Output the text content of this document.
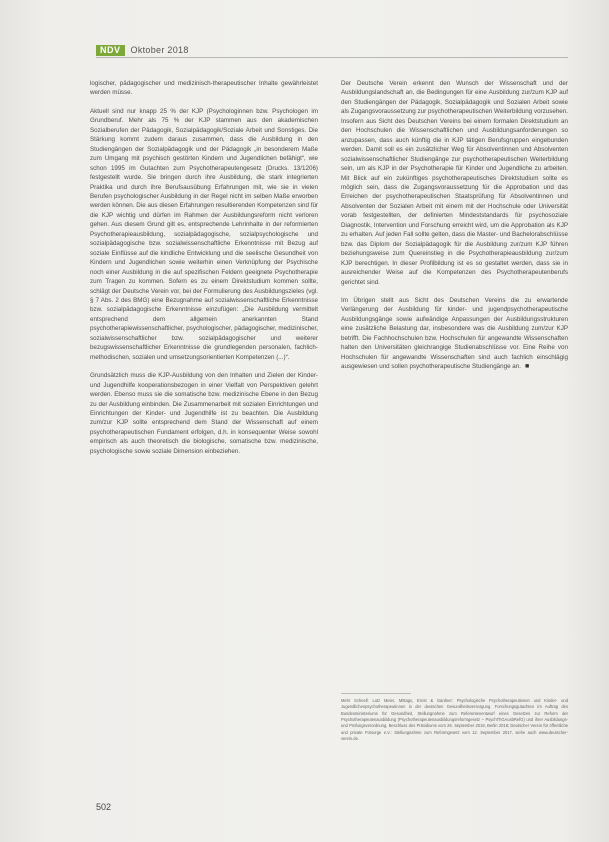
NDV	Oktober 2018

logischer, pädagogischer und medizinisch-therapeutischer Inhalte gewährleistet werden müsse.

Aktuell sind nur knapp 25 % der KJP (Psychologinnen bzw. Psychologen im Grundberuf. Mehr als 75 % der KJP stammen aus den akademischen Sozialberufen der Pädagogik, Sozialpädagogik/Soziale Arbeit und Sonstiges. Die Stärkung kommt zudem daraus zusammen, dass die Ausbildung in den Studiengängen der Sozialpädagogik und der Pädagogik „in besonderem Maße zum Umgang mit psychisch gestörten Kindern und Jugendlichen befähigt“, wie schon 1995 im Gutachten zum Psychotherapeutengesetz (Drucks. 13/1206) festgestellt wurde. Sie bringen durch ihre Ausbildung, die stark integrierten Praktika und durch ihre Berufsausübung Erfahrungen mit, wie sie in vielen Berufen psychologischer Ausbildung in der Regel nicht im selben Maße erworben werden können. Die aus diesen Erfahrungen resultierenden Kompetenzen sind für die KJP wichtig und dürfen im Rahmen der Ausbildungsreform nicht verloren gehen. Aus diesem Grund gilt es, entsprechende Lehrinhalte in der reformierten Psychotherapieausbildung, sozialpädagogische, sozialpsychologische und sozialpädagogische bzw. sozialwissenschaftliche Erkenntnisse mit Bezug auf soziale Einflüsse auf die kindliche Entwicklung und die seelische Gesundheit von Kindern und Jugendlichen sowie weiterhin einen Verknüpfung der Psychische noch einer Ausbildung in die auf spezifischen Feldern geeignete Psychotherapie zum Tragen zu kommen. Sofern es zu einem Direktstudium kommen sollte, schlägt der Deutsche Verein vor, bei der Formulierung des Ausbildungszieles (vgl. § 7 Abs. 2 des BMG) eine Bezugnahme auf sozialwissenschaftliche Erkenntnisse bzw. sozialpädagogische Erkenntnisse einzufügen: „Die Ausbildung vermittelt entsprechend dem allgemein anerkannten Stand psychotherapiewissenschaftlicher, psychologischer, pädagogischer, medizinischer, sozialwissenschaftlicher bzw. sozialpädagogischer und weiterer bezugswissenschaftlicher Erkenntnisse die grundlegenden personalen, fachlich-methodischen, sozialen und umsetzungsorientierten Kompetenzen (...)“.

Grundsätzlich muss die KJP-Ausbildung von den Inhalten und Zielen der Kinder- und Jugendhilfe kooperationsbezogen in einer Vielfalt von Perspektiven gelehrt werden. Ebenso muss sie die somatische bzw. medizinische Ebene in den Bezug zu der Ausbildung einbinden. Die Zusammenarbeit mit sozialen Einrichtungen und Einrichtungen der Kinder- und Jugendhilfe ist zu beachten. Die Ausbildung zum/zur KJP sollte entsprechend dem Stand der Wissenschaft auf einem psychotherapeutischen Fundament erfolgen, d.h. in konsequenter Weise sowohl empirisch als auch theoretisch die biologische, somatische bzw. medizinische, psychologische sowie soziale Dimension einbeziehen.

Der Deutsche Verein erkennt den Wunsch der Wissenschaft und der Ausbildungslandschaft an, die Bedingungen für eine Ausbildung zur/zum KJP auf den Studiengängen der Pädagogik, Sozialpädagogik und Sozialen Arbeit sowie als Zugangsvoraussetzung zur psychotherapeutischen Weiterbildung vorzusehen. Insofern aus Sicht des Deutschen Vereins bei einem formalen Direktstudium an den Hochschulen die Wissenschaftlichen und Ausbildungsanforderungen so anzupassen, dass auch künftig die in KJP tätigen Berufsgruppen eingebunden werden. Damit soll es ein zusätzlicher Weg für Absolventinnen und Absolventen sozialwissenschaftlicher Studiengänge zur psychotherapeutischen Weiterbildung sein, um als KJP in der Psychotherapie für Kinder und Jugendliche zu arbeiten. Mit Blick auf ein zukünftiges psychotherapeutisches Direktstudium sollte es möglich sein, dass die Zugangsvoraussetzung für die Approbation und das Erreichen der psychotherapeutischen Staatsprüfung für Absolventinnen und Absolventen der Sozialen Arbeit mit einem mit der Hochschule oder Universität vorab festgestellten, der definierten Mindeststandards für psychosoziale Diagnostik, Intervention und Forschung erreicht wird, um die Approbation als KJP zu erhalten. Auf jeden Fall sollte gelten, dass die Master- und Bachelorabschlüsse bzw. das Diplom der Sozialpädagogik für die Ausbildung zur/zum KJP führen beziehungsweise zum Quereinstieg in die Psychotherapieausbildung zur/zum KJP berechtigen. In dieser Profilbildung ist es so gestaltet werden, dass sie in ausreichender Weise auf die Kompetenzen des Psychotherapeutenberufs gerichtet sind.

Im Übrigen stellt aus Sicht des Deutschen Vereins die zu erwartende Verlängerung der Ausbildung für kinder- und jugendpsychotherapeutische Ausbildungsgänge sowie aufwändige Anpassungen der Ausbildungsstrukturen eine zusätzliche Belastung dar, insbesondere was die Ausbildung zum/zur KJP betrifft. Die Fachhochschulen bzw. Hochschulen für angewandte Wissenschaften halten den Universitäten gleichrangige Studienabschlüsse vor. Eine Reihe von Hochschulen für angewandte Wissenschaften sind auch fachlich einschlägig ausgewiesen und sollen psychotherapeutische Studiengänge an. ■

Mehr Schnell: Lutz Meier, Mittags, Ernst & Gardner: Psychologische Psychotherapeutinnen und Kinder- und Jugendlichenpsychotherapeutinnen in der deutschen Gesundheitsversorgung. Forschungsgutachten im Auftrag des Bundesministeriums für Gesundheit, Stellungnahme zum Referentenentwurf eines Gesetzes zur Reform der Psychotherapeutenausbildung (Psychotherapeutenausbildungsreformgesetz – PsychThGAusbRefG) und ihrer Ausbildungs- und Prüfungsverordnung, Beschluss des Präsidiums vom 26. September 2018, Berlin 2018; Deutscher Verein für öffentliche und private Fürsorge e.V.: Stellungnahme zum Reformgesetz vom 12. September 2017, siehe auch www.deutscher-verein.de.
502
